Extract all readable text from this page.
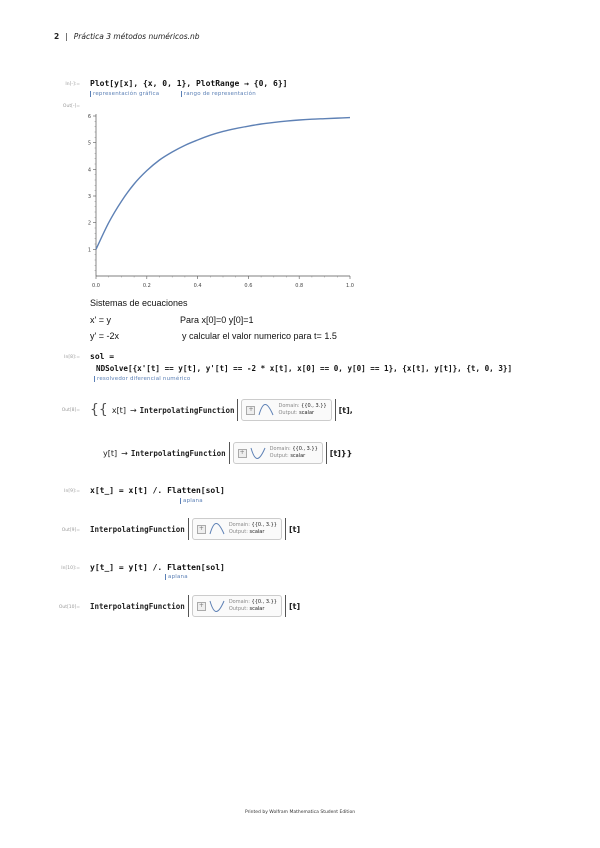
2 | Práctica 3 métodos numéricos.nb
In[-]:= Plot[y[x], {x, 0, 1}, PlotRange → {0, 6}]
representación gráfica	rango de representación
Out[-]=
0.0	0.2	0.4	0.6	0.8	1.0
1
2
3
4
5
6
Sistemas de ecuaciones
x' = y	Para x[0]=0 y[0]=1
y' = -2x	y calcular el valor numerico para t= 1.5
In[8]:= sol =
NDSolve[{x'[t] == y[t], y'[t] == -2 * x[t], x[0] == 0, y[0] == 1}, {x[t], y[t]}, {t, 0, 3}]
resolvedor diferencial numérico
Out[8]= {{ x[t] → InterpolatingFunction	+	Domain: {{0., 3.}}
Output: scalar	[t],
y[t] → InterpolatingFunction	+	Domain: {{0., 3.}}
Output: scalar	[t]}}
In[9]:= x[t_] = x[t] /. Flatten[sol]
aplana
Out[9]= InterpolatingFunction	+	Domain: {{0., 3.}}
Output: scalar	[t]
In[10]:= y[t_] = y[t] /. Flatten[sol]
aplana
Out[10]= InterpolatingFunction	+	Domain: {{0., 3.}}
Output: scalar	[t]
Printed by Wolfram Mathematica Student Edition
